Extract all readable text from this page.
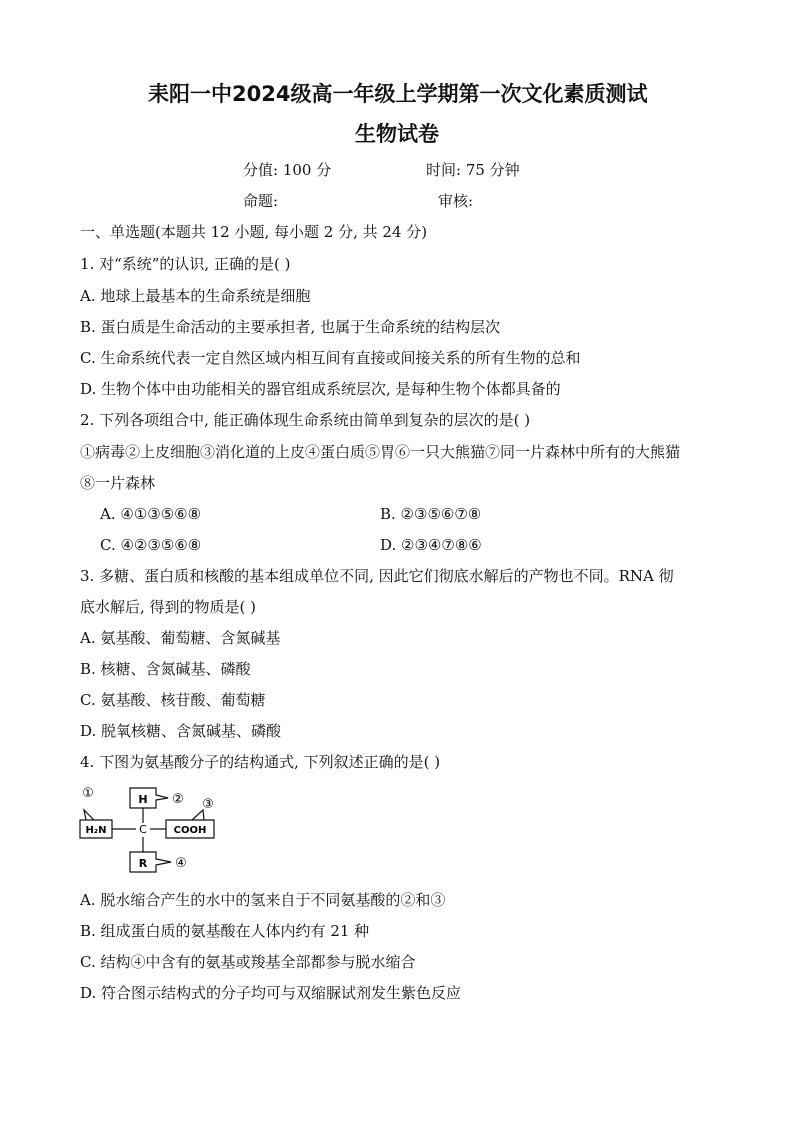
耒阳一中2024级高一年级上学期第一次文化素质测试
生物试卷
分值: 100 分	时间: 75 分钟
命题:	审核:
一、单选题(本题共 12 小题, 每小题 2 分, 共 24 分)
1. 对“系统”的认识, 正确的是( )
A. 地球上最基本的生命系统是细胞
B. 蛋白质是生命活动的主要承担者, 也属于生命系统的结构层次
C. 生命系统代表一定自然区域内相互间有直接或间接关系的所有生物的总和
D. 生物个体中由功能相关的器官组成系统层次, 是每种生物个体都具备的
2. 下列各项组合中, 能正确体现生命系统由简单到复杂的层次的是( )
①病毒②上皮细胞③消化道的上皮④蛋白质⑤胃⑥一只大熊猫⑦同一片森林中所有的大熊猫
⑧一片森林
A. ④①③⑤⑥⑧	B. ②③⑤⑥⑦⑧
C. ④②③⑤⑥⑧	D. ②③④⑦⑧⑥
3. 多糖、蛋白质和核酸的基本组成单位不同, 因此它们彻底水解后的产物也不同。RNA 彻
底水解后, 得到的物质是( )
A. 氨基酸、葡萄糖、含氮碱基
B. 核糖、含氮碱基、磷酸
C. 氨基酸、核苷酸、葡萄糖
D. 脱氧核糖、含氮碱基、磷酸
4. 下图为氨基酸分子的结构通式, 下列叙述正确的是( )
H
C
H₂N	COOH
R
①	② ③
④
A. 脱水缩合产生的水中的氢来自于不同氨基酸的②和③
B. 组成蛋白质的氨基酸在人体内约有 21 种
C. 结构④中含有的氨基或羧基全部都参与脱水缩合
D. 符合图示结构式的分子均可与双缩脲试剂发生紫色反应
